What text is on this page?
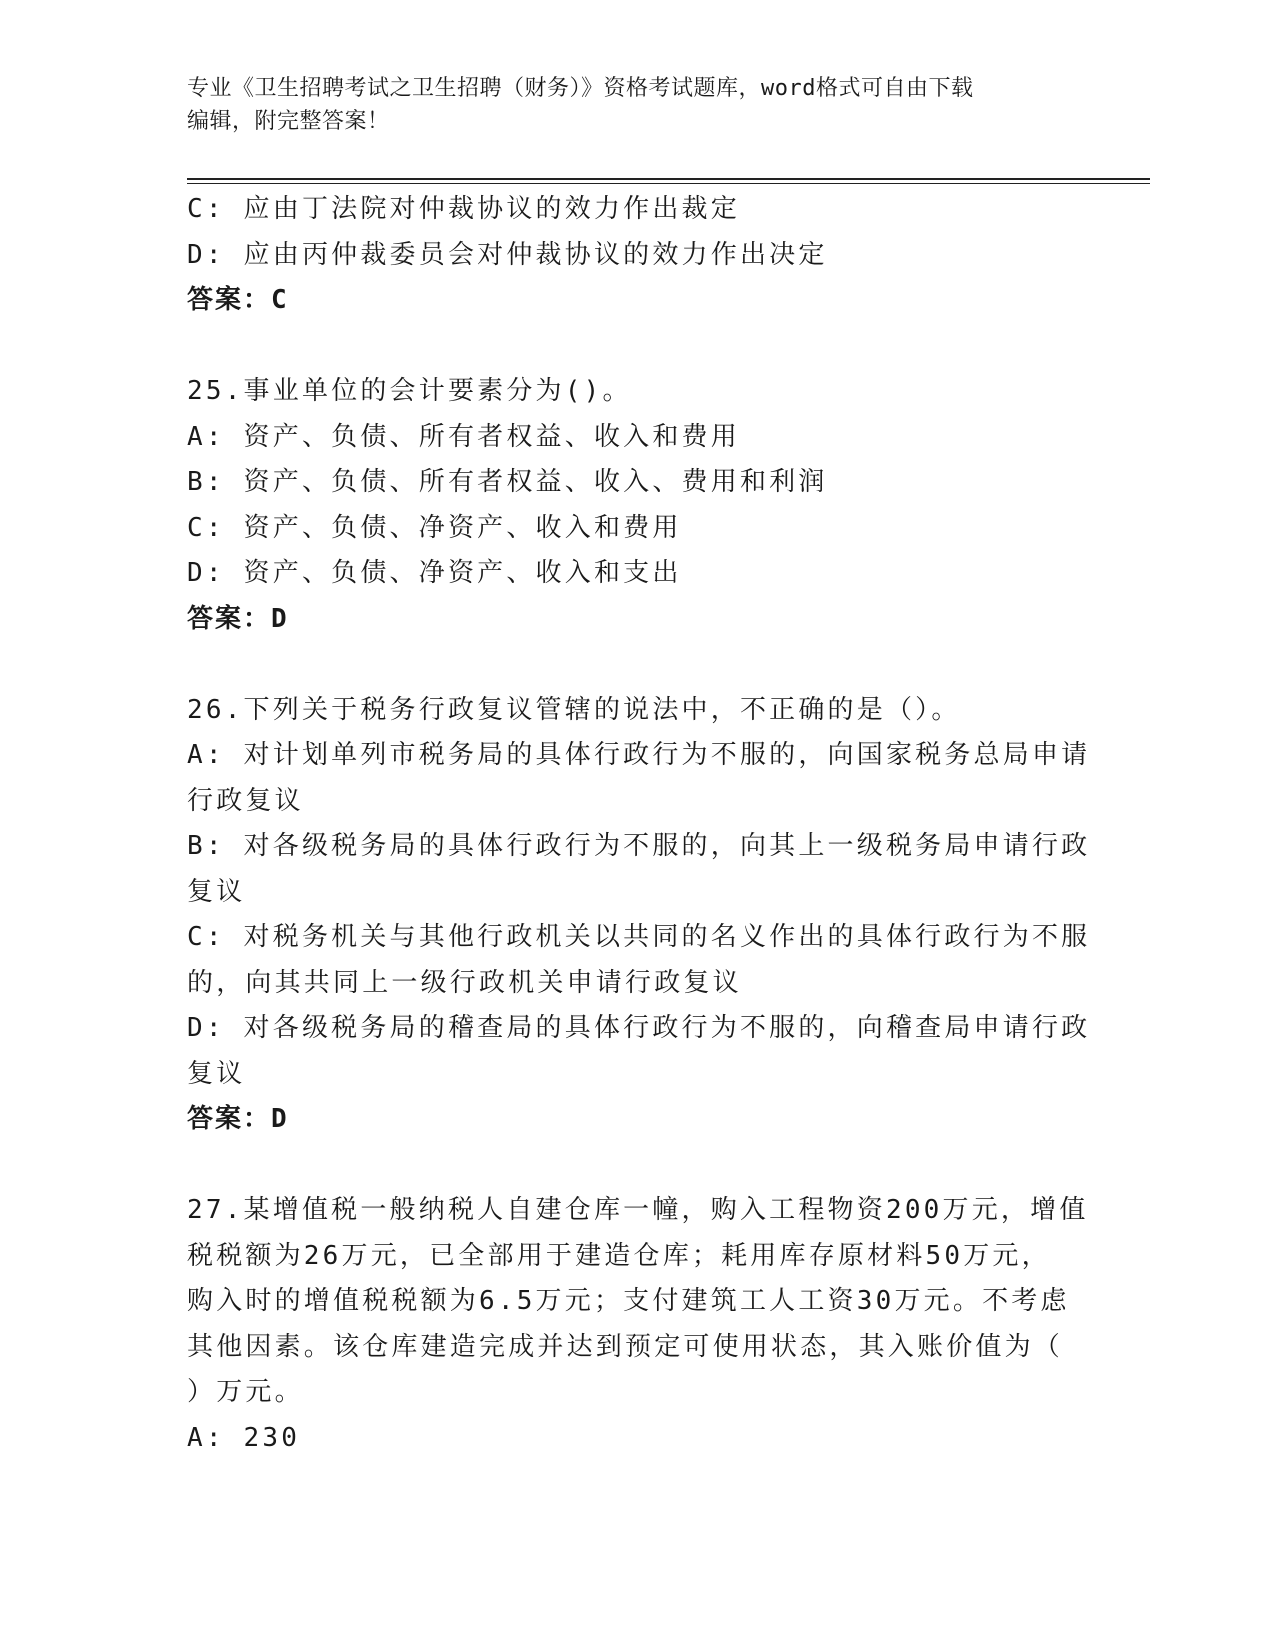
专业《卫生招聘考试之卫生招聘（财务）》资格考试题库，word格式可自由下载
编辑，附完整答案！
C: 应由丁法院对仲裁协议的效力作出裁定
D: 应由丙仲裁委员会对仲裁协议的效力作出决定
答案：C
25.事业单位的会计要素分为()。
A: 资产、负债、所有者权益、收入和费用
B: 资产、负债、所有者权益、收入、费用和利润
C: 资产、负债、净资产、收入和费用
D: 资产、负债、净资产、收入和支出
答案：D
26.下列关于税务行政复议管辖的说法中，不正确的是（）。
A: 对计划单列市税务局的具体行政行为不服的，向国家税务总局申请
行政复议
B: 对各级税务局的具体行政行为不服的，向其上一级税务局申请行政
复议
C: 对税务机关与其他行政机关以共同的名义作出的具体行政行为不服
的，向其共同上一级行政机关申请行政复议
D: 对各级税务局的稽查局的具体行政行为不服的，向稽查局申请行政
复议
答案：D
27.某增值税一般纳税人自建仓库一幢，购入工程物资200万元，增值
税税额为26万元，已全部用于建造仓库；耗用库存原材料50万元，
购入时的增值税税额为6.5万元；支付建筑工人工资30万元。不考虑
其他因素。该仓库建造完成并达到预定可使用状态，其入账价值为（
）万元。
A: 230
